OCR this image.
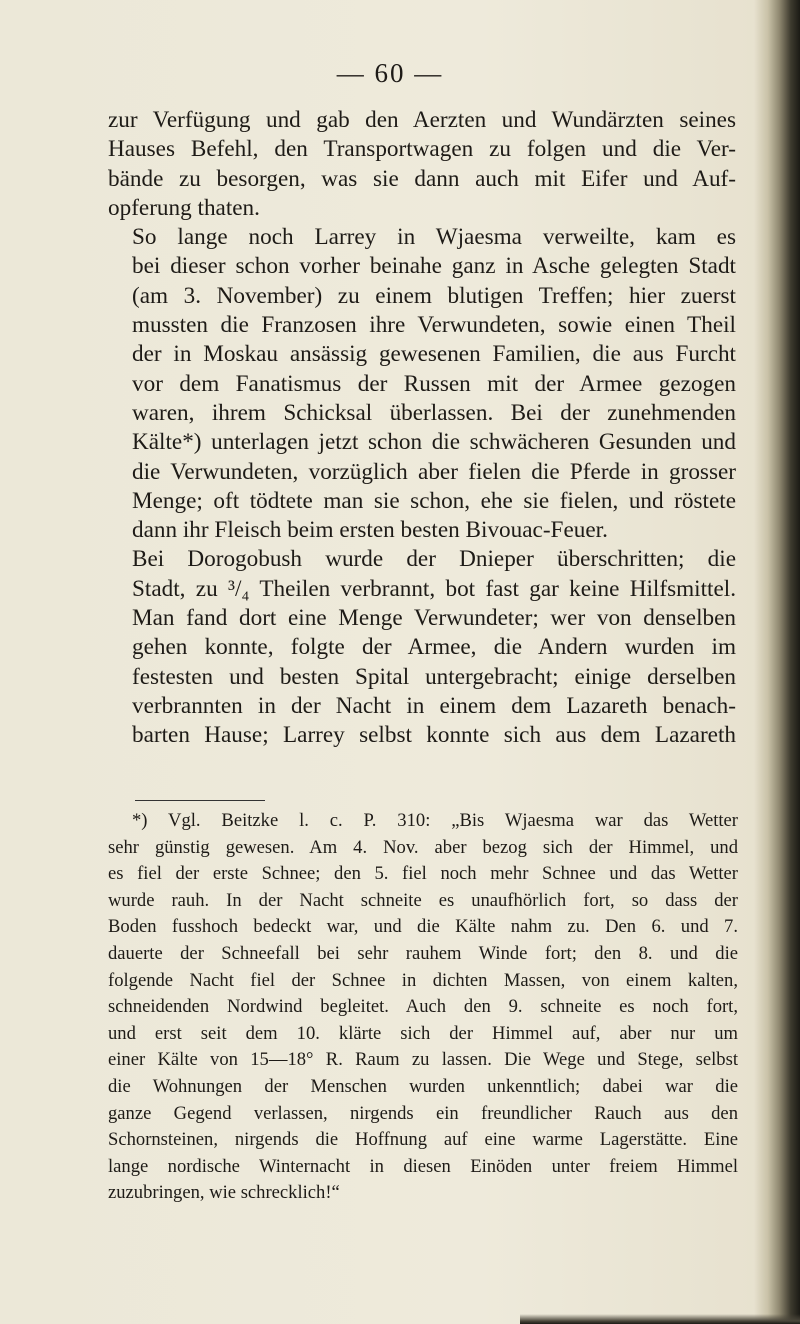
— 60 —

zur Verfügung und gab den Aerzten und Wundärzten seines
Hauses Befehl, den Transportwagen zu folgen und die Ver-
bände zu besorgen, was sie dann auch mit Eifer und Auf-
opferung thaten.

So lange noch Larrey in Wjaesma verweilte, kam es
bei dieser schon vorher beinahe ganz in Asche gelegten Stadt
(am 3. November) zu einem blutigen Treffen; hier zuerst
mussten die Franzosen ihre Verwundeten, sowie einen Theil
der in Moskau ansässig gewesenen Familien, die aus Furcht
vor dem Fanatismus der Russen mit der Armee gezogen
waren, ihrem Schicksal überlassen. Bei der zunehmenden
Kälte*) unterlagen jetzt schon die schwächeren Gesunden und
die Verwundeten, vorzüglich aber fielen die Pferde in grosser
Menge; oft tödtete man sie schon, ehe sie fielen, und röstete
dann ihr Fleisch beim ersten besten Bivouac-Feuer.

Bei Dorogobush wurde der Dnieper überschritten; die
Stadt, zu ³/₄ Theilen verbrannt, bot fast gar keine Hilfsmittel.
Man fand dort eine Menge Verwundeter; wer von denselben
gehen konnte, folgte der Armee, die Andern wurden im
festesten und besten Spital untergebracht; einige derselben
verbrannten in der Nacht in einem dem Lazareth benach-
barten Hause; Larrey selbst konnte sich aus dem Lazareth

*) Vgl. Beitzke l. c. P. 310: „Bis Wjaesma war das Wetter
sehr günstig gewesen. Am 4. Nov. aber bezog sich der Himmel, und
es fiel der erste Schnee; den 5. fiel noch mehr Schnee und das Wetter
wurde rauh. In der Nacht schneite es unaufhörlich fort, so dass der
Boden fusshoch bedeckt war, und die Kälte nahm zu. Den 6. und 7.
dauerte der Schneefall bei sehr rauhem Winde fort; den 8. und die
folgende Nacht fiel der Schnee in dichten Massen, von einem kalten,
schneidenden Nordwind begleitet. Auch den 9. schneite es noch fort,
und erst seit dem 10. klärte sich der Himmel auf, aber nur um
einer Kälte von 15—18° R. Raum zu lassen. Die Wege und Stege, selbst
die Wohnungen der Menschen wurden unkenntlich; dabei war die
ganze Gegend verlassen, nirgends ein freundlicher Rauch aus den
Schornsteinen, nirgends die Hoffnung auf eine warme Lagerstätte. Eine
lange nordische Winternacht in diesen Einöden unter freiem Himmel
zuzubringen, wie schrecklich!“
